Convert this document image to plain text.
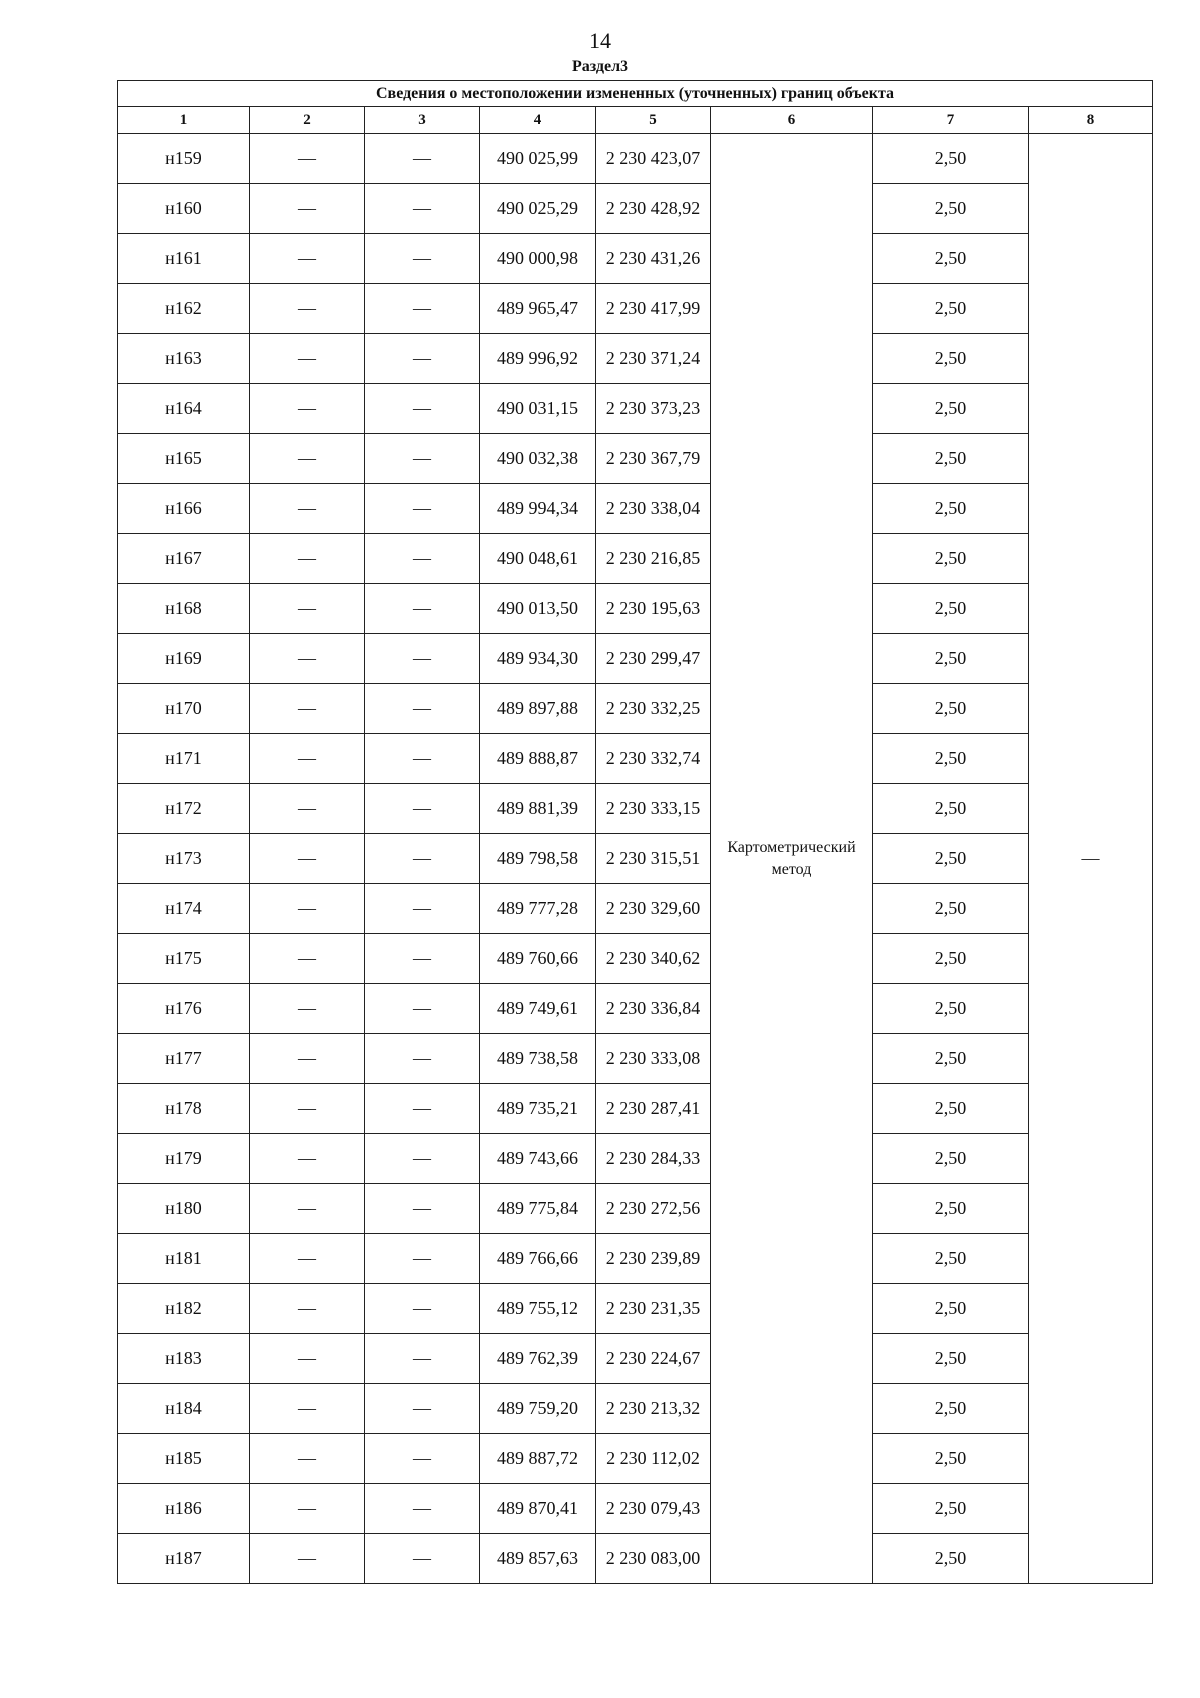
14
Раздел3
Сведения о местоположении измененных (уточненных) границ объекта							
1	2	3	4	5	6	7	8
н159	—	—	490 025,99	2 230 423,07	Картометрический метод	2,50	—
н160	—	—	490 025,29	2 230 428,92		2,50	
н161	—	—	490 000,98	2 230 431,26		2,50	
н162	—	—	489 965,47	2 230 417,99		2,50	
н163	—	—	489 996,92	2 230 371,24		2,50	
н164	—	—	490 031,15	2 230 373,23		2,50	
н165	—	—	490 032,38	2 230 367,79		2,50	
н166	—	—	489 994,34	2 230 338,04		2,50	
н167	—	—	490 048,61	2 230 216,85		2,50	
н168	—	—	490 013,50	2 230 195,63		2,50	
н169	—	—	489 934,30	2 230 299,47		2,50	
н170	—	—	489 897,88	2 230 332,25		2,50	
н171	—	—	489 888,87	2 230 332,74		2,50	
н172	—	—	489 881,39	2 230 333,15		2,50	
н173	—	—	489 798,58	2 230 315,51		2,50	
н174	—	—	489 777,28	2 230 329,60		2,50	
н175	—	—	489 760,66	2 230 340,62		2,50	
н176	—	—	489 749,61	2 230 336,84		2,50	
н177	—	—	489 738,58	2 230 333,08		2,50	
н178	—	—	489 735,21	2 230 287,41		2,50	
н179	—	—	489 743,66	2 230 284,33		2,50	
н180	—	—	489 775,84	2 230 272,56		2,50	
н181	—	—	489 766,66	2 230 239,89		2,50	
н182	—	—	489 755,12	2 230 231,35		2,50	
н183	—	—	489 762,39	2 230 224,67		2,50	
н184	—	—	489 759,20	2 230 213,32		2,50	
н185	—	—	489 887,72	2 230 112,02		2,50	
н186	—	—	489 870,41	2 230 079,43		2,50	
н187	—	—	489 857,63	2 230 083,00		2,50	
